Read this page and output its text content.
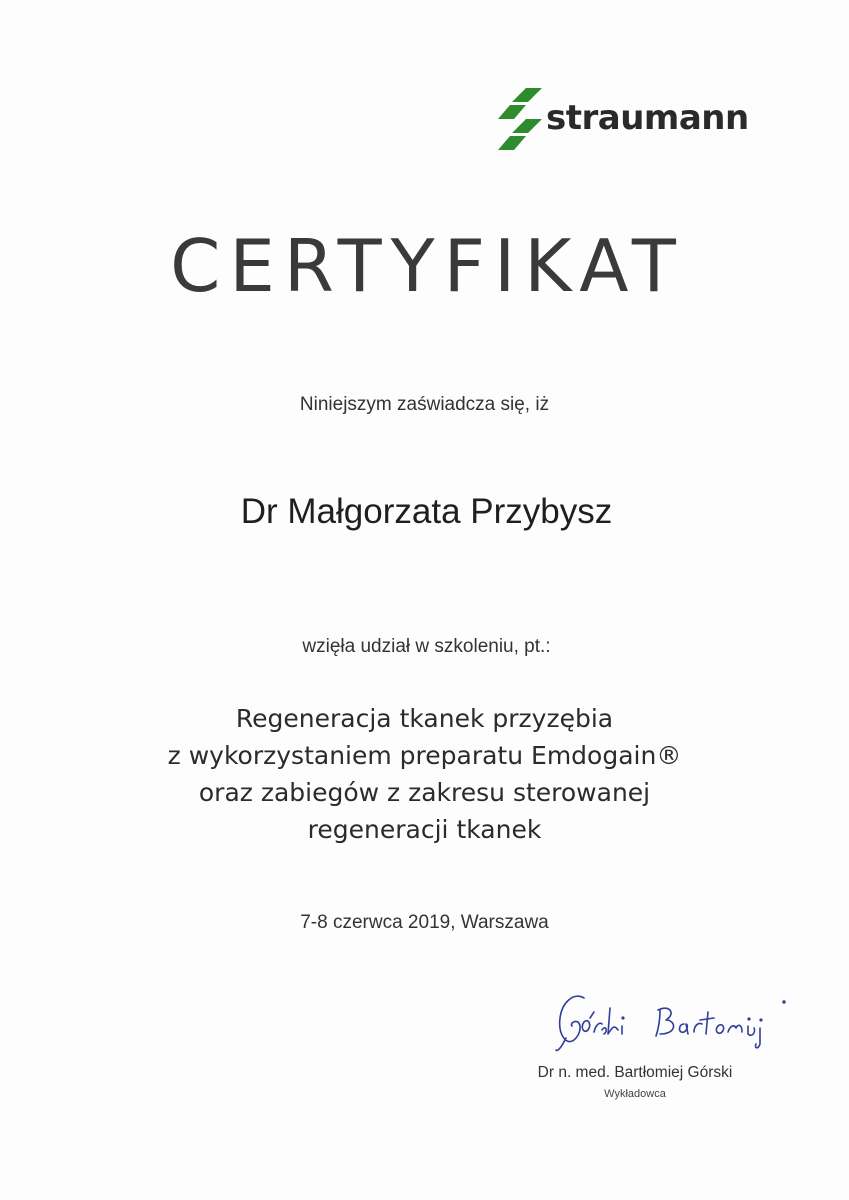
straumann
CERTYFIKAT
Niniejszym zaświadcza się, iż
Dr Małgorzata Przybysz
wzięła udział w szkoleniu, pt.:
Regeneracja tkanek przyzębia
z wykorzystaniem preparatu Emdogain®
oraz zabiegów z zakresu sterowanej
regeneracji tkanek
7-8 czerwca 2019, Warszawa
Dr n. med. Bartłomiej Górski
Wykładowca
